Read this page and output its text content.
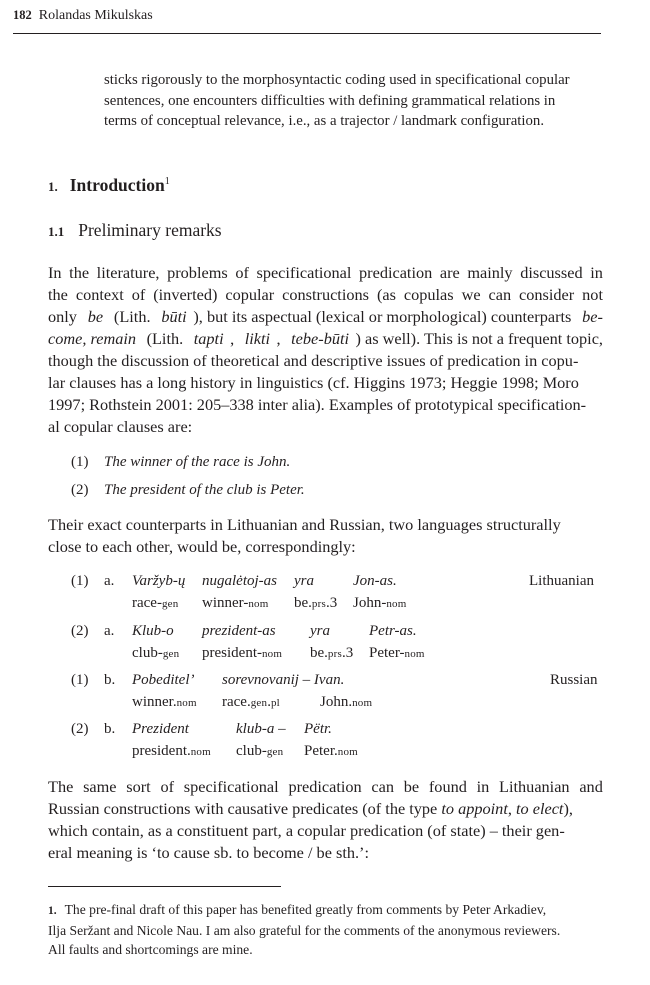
182 Rolandas Mikulskas
sticks rigorously to the morphosyntactic coding used in specificational copular
sentences, one encounters difficulties with defining grammatical relations in
terms of conceptual relevance, i.e., as a trajector / landmark configuration.
1. Introduction$^1$
1.1 Preliminary remarks
In the literature, problems of specificational predication are mainly discussed in
the context of (inverted) copular constructions (as copulas we can consider not
only be (Lith. būti ), but its aspectual (lexical or morphological) counterparts be-
come, remain (Lith. tapti , likti , tebe-būti ) as well). This is not a frequent topic,
though the discussion of theoretical and descriptive issues of predication in copu-
lar clauses has a long history in linguistics (cf. Higgins 1973; Heggie 1998; Moro
1997; Rothstein 2001: 205–338 inter alia). Examples of prototypical specification-
al copular clauses are:
(1) The winner of the race is John.
(2) The president of the club is Peter.
Their exact counterparts in Lithuanian and Russian, two languages structurally
close to each other, would be, correspondingly:
(1) a. Varžyb-ų nugalėtoj-as yra	Jon-as.	Lithuanian
race-gen winner-nom be.prs.3 John-nom
(2) a. Klub-o prezident-as yra	Petr-as.
club-gen president-nom be.prs.3 Peter-nom
(1) b. Pobeditel’ sorevnovanij – Ivan.	Russian
winner.nom race.gen.pl	John.nom
(2) b. Prezident	klub-a – Pëtr.
president.nom club-gen Peter.nom
The same sort of specificational predication can be found in Lithuanian and
Russian constructions with causative predicates (of the type to appoint, to elect),
which contain, as a constituent part, a copular predication (of state) – their gen-
eral meaning is ‘to cause sb. to become / be sth.’:
1. The pre-final draft of this paper has benefited greatly from comments by Peter Arkadiev,
Ilja Seržant and Nicole Nau. I am also grateful for the comments of the anonymous reviewers.
All faults and shortcomings are mine.
